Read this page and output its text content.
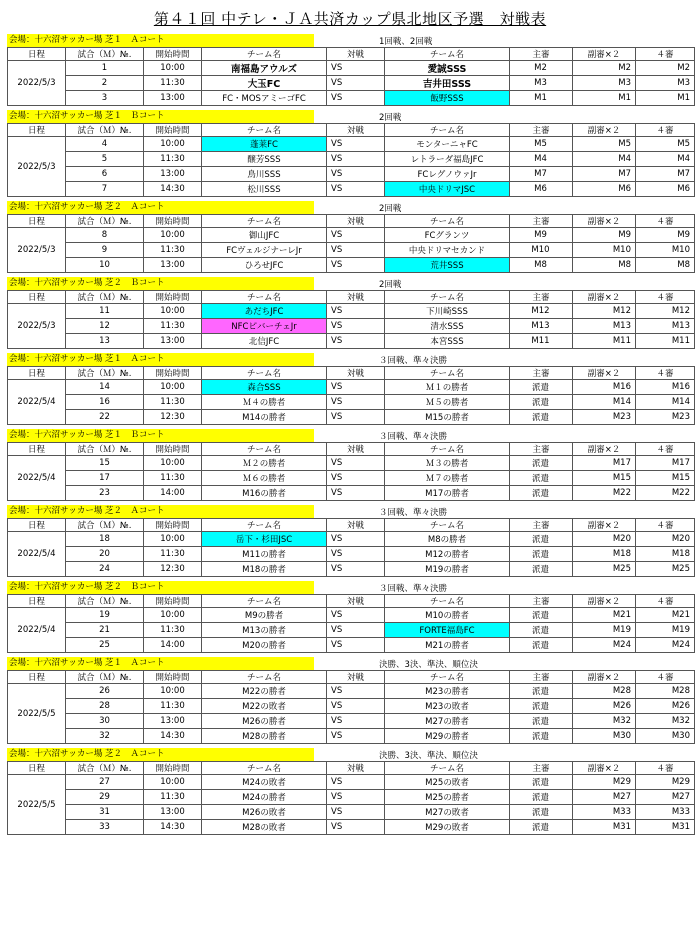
第４１回 中テレ・ＪＡ共済カップ県北地区予選　対戦表
会場：十六沼サッカー場 芝１　Ａコート	1回戦、2回戦
日程	試合（Ｍ）№.	開始時間	チーム名	対戦	チーム名	主審	副審×２	４審
2022/5/3	1	10:00	南福島アウルズ	VS	愛誠SSS	M2	M2	M2
	2	11:30	大玉FC	VS	吉井田SSS	M3	M3	M3
	3	13:00	FC・MOSアミーゴFC	VS	飯野SSS	M1	M1	M1
会場：十六沼サッカー場 芝１　Ｂコート	2回戦
日程	試合（Ｍ）№.	開始時間	チーム名	対戦	チーム名	主審	副審×２	４審
2022/5/3	4	10:00	蓬莱FC	VS	モンターニャFC	M5	M5	M5
	5	11:30	醸芳SSS	VS	レトラーダ福島JFC	M4	M4	M4
	6	13:00	鳥川SSS	VS	FCレグノウァJr	M7	M7	M7
	7	14:30	松川SSS	VS	中央ドリマJSC	M6	M6	M6
会場：十六沼サッカー場 芝２　Ａコート	2回戦
日程	試合（Ｍ）№.	開始時間	チーム名	対戦	チーム名	主審	副審×２	４審
2022/5/3	8	10:00	御山JFC	VS	FCグランツ	M9	M9	M9
	9	11:30	FCヴェルジナーレJr	VS	中央ドリマセカンド	M10	M10	M10
	10	13:00	ひろせJFC	VS	荒井SSS	M8	M8	M8
会場：十六沼サッカー場 芝２　Ｂコート	2回戦
日程	試合（Ｍ）№.	開始時間	チーム名	対戦	チーム名	主審	副審×２	４審
2022/5/3	11	10:00	あだちJFC	VS	下川崎SSS	M12	M12	M12
	12	11:30	NFCピバーチェJr	VS	清水SSS	M13	M13	M13
	13	13:00	北信JFC	VS	本宮SSS	M11	M11	M11
会場：十六沼サッカー場 芝１　Ａコート	３回戦、準々決勝
日程	試合（Ｍ）№.	開始時間	チーム名	対戦	チーム名	主審	副審×２	４審
2022/5/4	14	10:00	森合SSS	VS	Ｍ１の勝者	派遣	M16	M16
	16	11:30	Ｍ４の勝者	VS	Ｍ５の勝者	派遣	M14	M14
	22	12:30	M14の勝者	VS	M15の勝者	派遣	M23	M23
会場：十六沼サッカー場 芝１　Ｂコート	３回戦、準々決勝
日程	試合（Ｍ）№.	開始時間	チーム名	対戦	チーム名	主審	副審×２	４審
2022/5/4	15	10:00	Ｍ２の勝者	VS	Ｍ３の勝者	派遣	M17	M17
	17	11:30	Ｍ６の勝者	VS	Ｍ７の勝者	派遣	M15	M15
	23	14:00	M16の勝者	VS	M17の勝者	派遣	M22	M22
会場：十六沼サッカー場 芝２　Ａコート	３回戦、準々決勝
日程	試合（Ｍ）№.	開始時間	チーム名	対戦	チーム名	主審	副審×２	４審
2022/5/4	18	10:00	岳下・杉田JSC	VS	M8の勝者	派遣	M20	M20
	20	11:30	M11の勝者	VS	M12の勝者	派遣	M18	M18
	24	12:30	M18の勝者	VS	M19の勝者	派遣	M25	M25
会場：十六沼サッカー場 芝２　Ｂコート	３回戦、準々決勝
日程	試合（Ｍ）№.	開始時間	チーム名	対戦	チーム名	主審	副審×２	４審
2022/5/4	19	10:00	M9の勝者	VS	M10の勝者	派遣	M21	M21
	21	11:30	M13の勝者	VS	FORTE福島FC	派遣	M19	M19
	25	14:00	M20の勝者	VS	M21の勝者	派遣	M24	M24
会場：十六沼サッカー場 芝１　Ａコート	決勝、3決、準決、順位決
日程	試合（Ｍ）№.	開始時間	チーム名	対戦	チーム名	主審	副審×２	４審
2022/5/5	26	10:00	M22の勝者	VS	M23の勝者	派遣	M28	M28
	28	11:30	M22の敗者	VS	M23の敗者	派遣	M26	M26
	30	13:00	M26の勝者	VS	M27の勝者	派遣	M32	M32
	32	14:30	M28の勝者	VS	M29の勝者	派遣	M30	M30
会場：十六沼サッカー場 芝２　Ａコート	決勝、3決、準決、順位決
日程	試合（Ｍ）№.	開始時間	チーム名	対戦	チーム名	主審	副審×２	４審
2022/5/5	27	10:00	M24の敗者	VS	M25の敗者	派遣	M29	M29
	29	11:30	M24の勝者	VS	M25の勝者	派遣	M27	M27
	31	13:00	M26の敗者	VS	M27の敗者	派遣	M33	M33
	33	14:30	M28の敗者	VS	M29の敗者	派遣	M31	M31
